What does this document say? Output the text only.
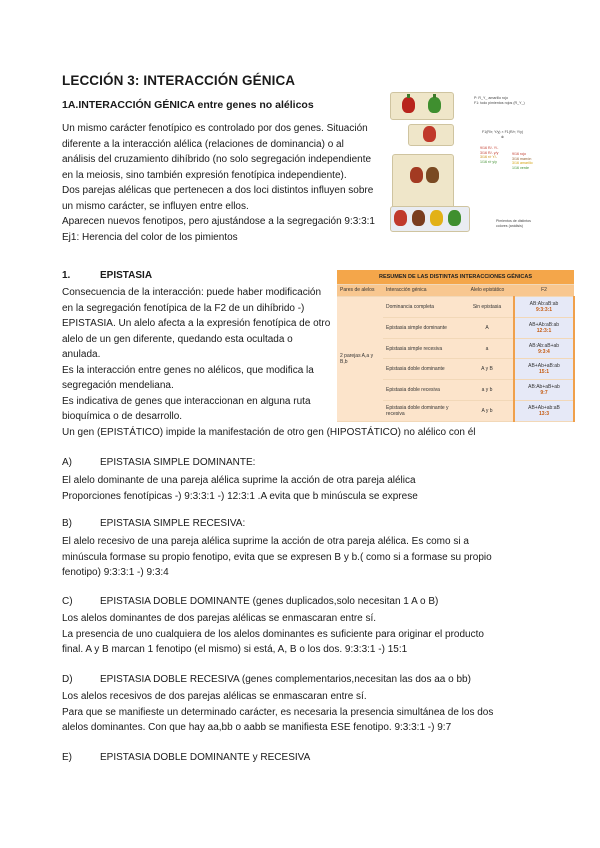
LECCIÓN 3: INTERACCIÓN GÉNICA
1A.INTERACCIÓN GÉNICA entre genes no alélicos
Un mismo carácter fenotípico es controlado por dos genes. Situación
diferente a la interacción alélica (relaciones de dominancia) o al
análisis del cruzamiento dihíbrido (no solo segregación independiente
en la meiosis, sino también expresión fenotípica independiente).
Dos parejas alélicas que pertenecen a dos loci distintos influyen sobre
un mismo carácter, se influyen entre ellos.
Aparecen nuevos fenotipos, pero ajustándose a la segregación 9:3:3:1
Ej1: Herencia del color de los pimientos
P: R_Y_ amarillo rojo
F1: todo pimientos rojos (R_Y_)
F1(R/r; Y/y) × F1(R/r; Y/y)
⊗
9/16 R/- Y/-
3/16 R/- y/y
3/16 r/r Y/-
1/16 r/r y/y
9/16 rojo
3/16 marrón
3/16 amarillo
1/16 verde
Pimientos de distintos
colores (análisis)
1.	EPISTASIA
Consecuencia de la interacción: puede haber modificación
en la segregación fenotípica de la F2 de un dihíbrido -)
EPISTASIA. Un alelo afecta a la expresión fenotípica de otro
alelo de un gen diferente, quedando esta ocultada o
anulada.
Es la interacción entre genes no alélicos, que modifica la
segregación mendeliana.
Es indicativa de genes que interaccionan en alguna ruta
bioquímica o de desarrollo.
Un gen (EPISTÁTICO) impide la manifestación de otro gen (HIPOSTÁTICO) no alélico con él
RESUMEN DE LAS DISTINTAS INTERACCIONES GÉNICAS			
Pares de alelos	Interacción génica	Alelo epistático	F2
2 parejas A,a y B,b	Dominancia completa	Sin epistasia	AB:Ab:aB:ab
9:3:3:1

	Epistasia simple dominante	A	AB+Ab:aB:ab
12:3:1

	Epistasia simple recesiva	a	AB:Ab:aB+ab
9:3:4

	Epistasia doble dominante	A y B	AB+Ab+aB:ab
15:1

	Epistasia doble recesiva	a y b	AB:Ab+aB+ab
9:7

	Epistasia doble dominante y recesiva	A y b	AB+Ab+ab:aB
13:3
A)	EPISTASIA SIMPLE DOMINANTE:
El alelo dominante de una pareja alélica suprime la acción de otra pareja alélica
Proporciones fenotípicas -) 9:3:3:1 -) 12:3:1 .A evita que b minúscula se exprese
B)	EPISTASIA SIMPLE RECESIVA:
El alelo recesivo de una pareja alélica suprime la acción de otra pareja alélica. Es como si a
minúscula formase su propio fenotipo, evita que se expresen B y b.( como si a formase su propio
fenotipo) 9:3:3:1 -) 9:3:4
C)	EPISTASIA DOBLE DOMINANTE (genes duplicados,solo necesitan 1 A o B)
Los alelos dominantes de dos parejas alélicas se enmascaran entre sí.
La presencia de uno cualquiera de los alelos dominantes es suficiente para originar el producto
final. A y B marcan 1 fenotipo (el mismo) si está, A, B o los dos. 9:3:3:1 -) 15:1
D)	EPISTASIA DOBLE RECESIVA (genes complementarios,necesitan las dos aa o bb)
Los alelos recesivos de dos parejas alélicas se enmascaran entre sí.
Para que se manifieste un determinado carácter, es necesaria la presencia simultánea de los dos
alelos dominantes. Con que hay aa,bb o aabb se manifiesta ESE fenotipo. 9:3:3:1 -) 9:7
E)	EPISTASIA DOBLE DOMINANTE y RECESIVA
